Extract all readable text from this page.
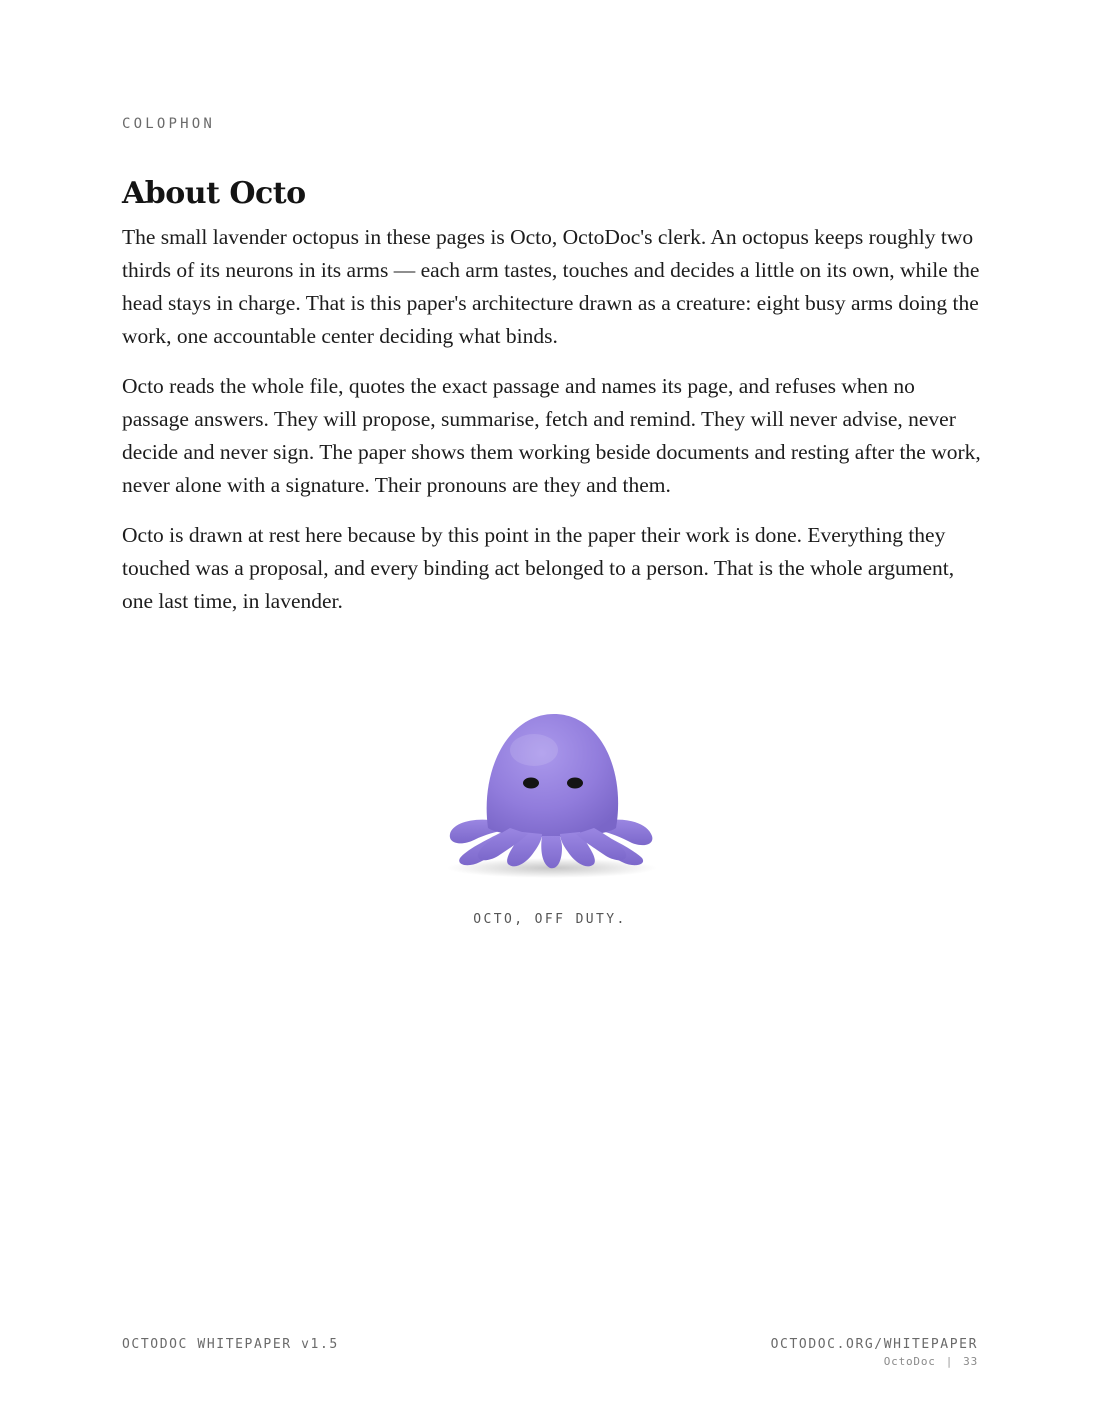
COLOPHON
About Octo

The small lavender octopus in these pages is Octo, OctoDoc's clerk. An octopus keeps roughly two thirds of its neurons in its arms — each arm tastes, touches and decides a little on its own, while the head stays in charge. That is this paper's architecture drawn as a creature: eight busy arms doing the work, one accountable center deciding what binds.

Octo reads the whole file, quotes the exact passage and names its page, and refuses when no passage answers. They will propose, summarise, fetch and remind. They will never advise, never decide and never sign. The paper shows them working beside documents and resting after the work, never alone with a signature. Their pronouns are they and them.

Octo is drawn at rest here because by this point in the paper their work is done. Everything they touched was a proposal, and every binding act belonged to a person. That is the whole argument, one last time, in lavender.

OCTO, OFF DUTY.
OCTODOC WHITEPAPER v1.5	OCTODOC.ORG/WHITEPAPER
OctoDoc | 33
